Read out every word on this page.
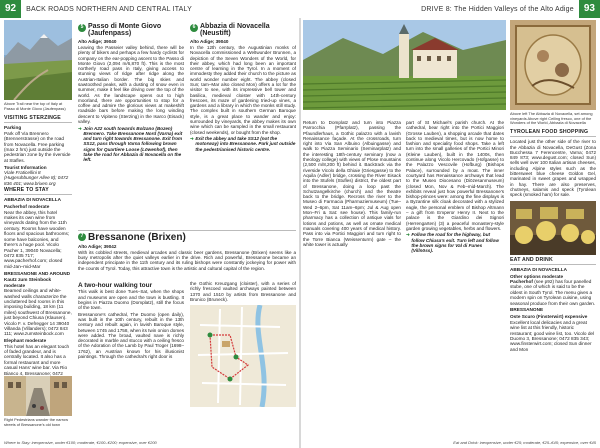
92	BACK ROADS NORTHERN AND CENTRAL ITALY	DRIVE 8: The Hidden Valleys of the Alto Adige	93
Above Trail near the top of Italy at Passo di Monte Giovo (Jaufenpass)
VISITING STERZINGE
Parking
Park off Via Brennero (Brennerstrasse) on the road from Novacella. Free parking (max 2 hrs) just outside the pedestrian zone by the riverside at Stafles.
Tourist Information
Viale Fraticellini 8 (Hugeruhbunger Allee 8); 0472 836 401; www.brixen.org
WHERE TO STAY
ABBAZIA DI NOVACELLA
Pacherhof moderate
Near the abbey, this hotel makes its own wine from vineyards dating from the 11th century. Rooms have wooden floors and spacious bathrooms; some have balconies, and there's a huge pool. Vicolo Pacher 1, 39040 Novacella; 0472 835 717; www.pacherhof.com; closed mid-Jan–mid-Mar
BRESSANONE AND AROUND
Kautz zum Steinbock moderate
Beamed ceilings and white-washed walls characterize the uncluttered bed rooms in this imposing building, 18 km (11 miles) southwest of Bressanone, just beyond Chiusa (Klausen). Vicolo F. v. Defregger 14 39040 Villanda (Villanders); 0472 843 111; www.zumsteinbock.com
Elephant moderate
This hotel has an elegant touch of faded grandeur, and is centrally located. It also has a formal restaurant and more casual Hans' wine bar. Via Rio Bianco 4, Bressanone; 0472
Right Pedestrians wander the narrow streets of Bressanone's old town
5 Passo di Monte Giovo (Jaufenpass)
Alto Adige; 39040

Leaving the Passeier valley behind, there will be plenty of bikers and perhaps a few hardy cyclists for company on the ear-popping ascent to the Passo di Monte Giovo (2,094 m/6,870 ft). This is the most northerly road pass in Italy, giving access to stunning views of ridge after ridge along the Austrian-Italian border. The big skies and sawtoothed peaks, with a dusting of snow even in summer, make it feel like driving over the top of the world. As the landscape opens out to high moorland, there are opportunities to stop for a coffee and admire the glorious views at makeshift roadside bars before making the long winding descent to Vipiteno (Sterzing) in the Isarco (Eisack) valley.

➜ Join A22 south towards Bolzano (Bozen) Brennero. Take Bressanone Nord (Varna) exit and turn right towards Bressanone. Exit from SS12, pass through Varna following brown signs for Quartiere Loose (Löwenhof), then take the road for Abbazia di Novacella on the left.
6 Abbazia di Novacella (Neustift)
Alto Adige; 39040

In the 12th century, the Augustinian monks of Novacella commissioned a Weltwunder Brunnen, a depiction of the Seven Wonders of the World, for their abbey, which had long been an important centre of learning in the Tyrol. In a moment of immodesty they added their church to the picture as world wonder number eight. The abbey (closed Sun; tam–Mar also closed Mon) offers a lot for the visitor to see, with its impressive bell tower and basilica, medieval cloister with 14th-century frescoes, its maze of gardening tried-up vines, a gardens and a library in which the monks still study. The complex built in southern German Baroque style, is a great place to wander and enjoy: surrounded by vineyards, the abbey makes its own wine which can be sampled in the small restaurant (closed weekends), or bought from the shop.

➜ Exit the abbey and take SS12 (not the motorway) into Bressanone. Park just outside the pedestrianised historic centre.
7 Bressanone (Brixen)
Alto Adige; 39042

With its cobbled streets, medieval arcades and classic beer gardens, Bressanone (Brixen) seems like a busy metropolis after the quiet valleys earlier in the drive. Rich and powerful, Bressanone became an independent principate in the 11th century and its ruling bishops were constantly jockeying for power with the counts of Tyrol. Today, this attractive town is the artistic and cultural capital of the region.

A two-hour walking tour

This walk is best done Tues–Sat, when the shops and museums are open and the town is bustling. It begins in Piazza Duomo (Domplatz), still the focus of the town.

Bressanone's cathedral, The Duomo (open daily), was built in the 10th century, rebuilt in the 13th century and rebuilt again, in lavish Baroque style, between 1745 and 1758, when its twin onion domes were added. The broad, vaulted nave is richly decorated in marble and stucco with a ceiling fresco of the Adoration of the Lamb by Paul Troger (1698–1762), an Austrian known for his illusionist paintings. Through the cathedral's right door is

the Gothic Kreuzgang (cloister), with a series of richly frescoed vaulted archways painted between 1370 and 1510 by artists from Bressanone and Brunico (Bruneck).

Return to Domplatz and turn into Piazza Parrocchia (Pfarrplatz), passing the Pfaundlerhaus, a Gothic palazzo with a lavish Renaissance façade. At the crossroads, turn right into Via San Albuino (Albuingasse) and walk to Piazza Seminario (Seminarplatz) and the interesting 18th-century seminary (now a theology college) with views of Plose mountains (2,500 m/8,200 ft) behind it. Backtrack via the riverside Vicolo della Ghiaie (Griesgasse) to the Aquila (Adler) bridge, crossing the River Eisack into the Stufels (Stufles) district, the oldest part of Bressanone, doing a loop past the Schutzangelkirche (church) and the theatre back to the bridge. Recross the river to the Museo di Farmacia (Pharmaziemuseum) (Tue–Wed 2–6pm, Sat 11am–6pm; Jul & Aug open Mon–Fri & Sat: see house). This family-run pharmacy has a collection of antique vials for lotions and potions, as well as ornate medical manuals covering 400 years of medical history. Pass into via Portici Maggiori and turn right to the Torre Bianca (Weissenturm) gate – the white tower is actually

part of St Michael's parish church. At the cathedral, bear right into the Portici Maggiori (Grosse Lauben), a shopping arcade that dates back to medieval times, but is now home to fashion and speciality food shops. Take a left turn into the small galleries of the Portici Minori (Kleine Lauben), built in the 1400s, then continue along Vicolo Hercovado (Hofgasse) to the Palazzo Vescovile (Hofburg) (Bishops Palace), surrounded by a moat. The inner courtyard has Renaissance archways that lead to the Museo Diocesano (Diözesanmuseum) (closed Mon, Nov & Feb–mid-March). The exhibits reveal just how powerful Bressanone's bishop-princes were: among the fine displays is a Byzantine silk cloak decorated with a stylized eagle, the personal emblem of Bishop Altmann – a gift from Emperor Henry II. Next to the palace is the Giardino dei Signori (Herrengarten) (3) a peaceful monastery-style garden growing vegetables, herbs and flowers.

➜ Follow the road for the highway, but follow Chiusa's exit. Turn left and follow the brown signs for Val di Funes (Villnöss).
Above left The Abbazia di Novacella, set among vineyards Above right Ceiling fresco, one of the Wonders of the World, Abbazia di Novacella
TYROLEAN FOOD SHOPPING

Located just the other side of the river to the Abbazia di Novacella, DeGust (Zona Bucchessa 7 Ferencentre, Varna; 0472 849 873; www.degust.com; closed Sun) sells well over 100 Italian artisan cheeses, including Alpine styles such as the bittersweet blue cheese Goldon Gel, marinated in sweet grapes and wrapped in hay. There are also preserves, chutneys, salamis and speck (Tyrolean speck (smoked ham) for sale.

EAT AND DRINK
ABBAZIA DI NOVACELLA
Other options moderate
Pacherhof (see p92) has four panelled stube, one of which is said to be the oldest in South Tyrol. The menu gives a modern spin on Tyrolean cuisine, using seasonal produce from their own garden.
BRESSANONE
Oste Scuro (Finsterwirt) expensive
Excellent local delicacies and a great wine list at this friendly, historic restaurant; good wine list, too. Vicolo del Duomo 3, Bressanone; 0472 835 343; www.finsterwirt.com; closed Sun dinner and Mon
Where to Stay: inexpensive, under €100; moderate, €100–€200; expensive, over €200	Eat and Drink: inexpensive, under €25; moderate, €25–€45; expensive, over €45
